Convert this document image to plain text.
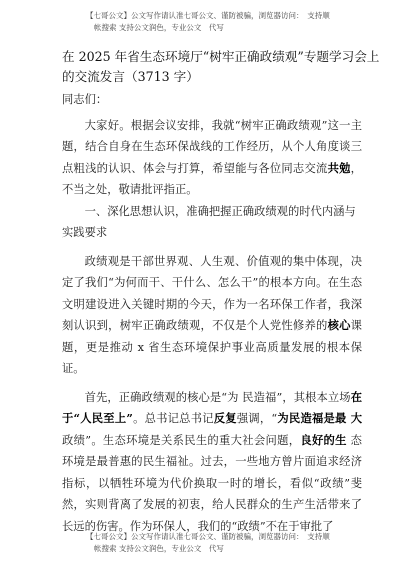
【七哥公文】公文写作请认准七哥公文、谨防被骗，浏览器访问：　支持顺
帐搜索 支持公文润色，专业公文　代写
在 2025 年省生态环境厅“树牢正确政绩观”专题学习会上
的交流发言（3713 字）

同志们：

大家好。根据会议安排，我就“树牢正确政绩观”这一主题，结合自身在生态环保战线的工作经历，从个人角度谈三点粗浅的认识、体会与打算，希望能与各位同志交流共勉，不当之处，敬请批评指正。

一、深化思想认识，准确把握正确政绩观的时代内涵与实践要求

政绩观是干部世界观、人生观、价值观的集中体现，决定了我们“为何而干、干什么、怎么干”的根本方向。在生态文明建设进入关键时期的今天，作为一名环保工作者，我深刻认识到，树牢正确政绩观，不仅是个人党性修养的核心课题，更是推动 x 省生态环境保护事业高质量发展的根本保 证。

首先，正确政绩观的核心是“为 民造福”，其根本立场在于“人民至上”。总书记总书记反复强调，“为民造福是最 大政绩”。生态环境是关系民生的重大社会问题，良好的生 态环境是最普惠的民生福祉。过去，一些地方曾片面追求经济指标，以牺牲环境为代价换取一时的增长，看似“政绩”斐然，实则背离了发展的初衷，给人民群众的生产生活带来了长远的伤害。作为环保人，我们的“政绩”不在于审批了

【七哥公文】公文写作请认准七哥公文、谨防被骗，浏览器访问：　支持顺
帐搜索 支持公文润色，专业公文　代写
